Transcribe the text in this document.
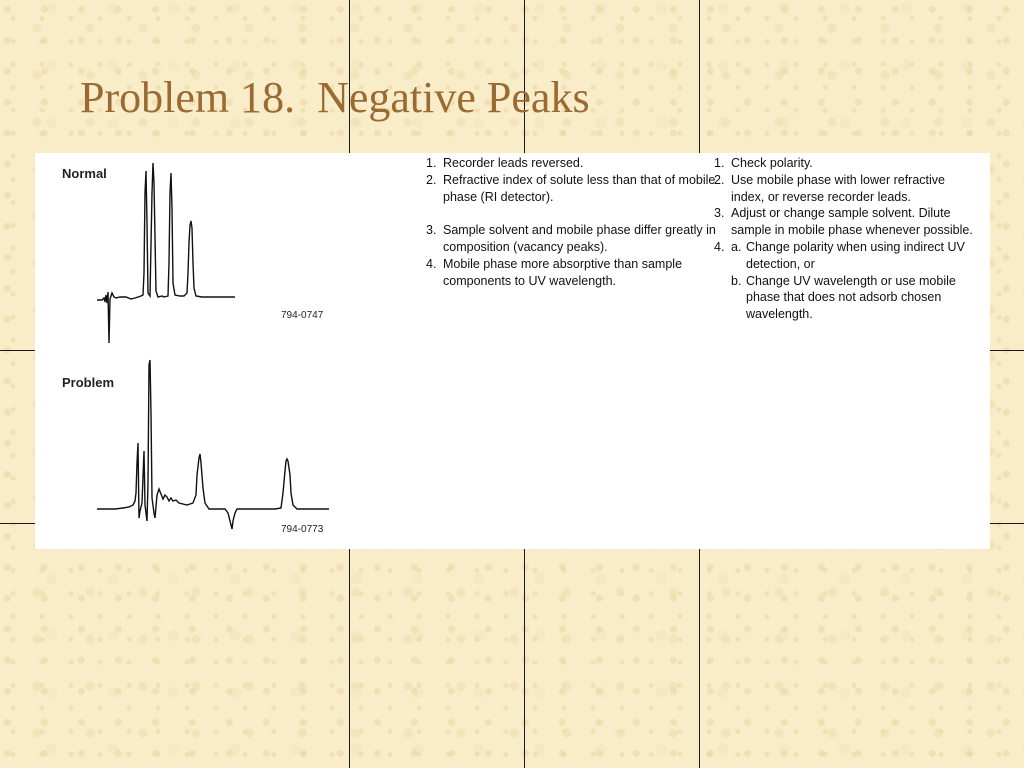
Problem 18.  Negative Peaks
Normal
794-0747
Problem
794-0773
1. Recorder leads reversed.
2. Refractive index of solute less than that of mobile phase (RI detector).
3. Sample solvent and mobile phase differ greatly in composition (vacancy peaks).
4. Mobile phase more absorptive than sample components to UV wavelength.
1. Check polarity.
2. Use mobile phase with lower refractive index, or reverse recorder leads.
3. Adjust or change sample solvent. Dilute sample in mobile phase whenever possible.
4. a. Change polarity when using indirect UV detection, or
b. Change UV wavelength or use mobile phase that does not adsorb chosen wavelength.
